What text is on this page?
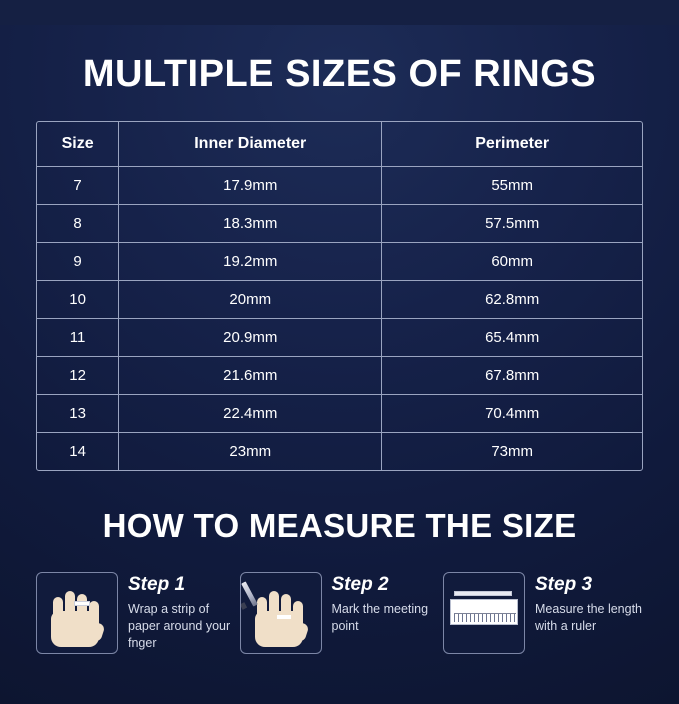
MULTIPLE SIZES OF RINGS
Size	Inner Diameter	Perimeter
7	17.9mm	55mm
8	18.3mm	57.5mm
9	19.2mm	60mm
10	20mm	62.8mm
11	20.9mm	65.4mm
12	21.6mm	67.8mm
13	22.4mm	70.4mm
14	23mm	73mm
HOW TO MEASURE THE SIZE
Step 1
Wrap a strip of paper around your fnger
Step 2
Mark the meeting point
Step 3
Measure the length with a ruler
